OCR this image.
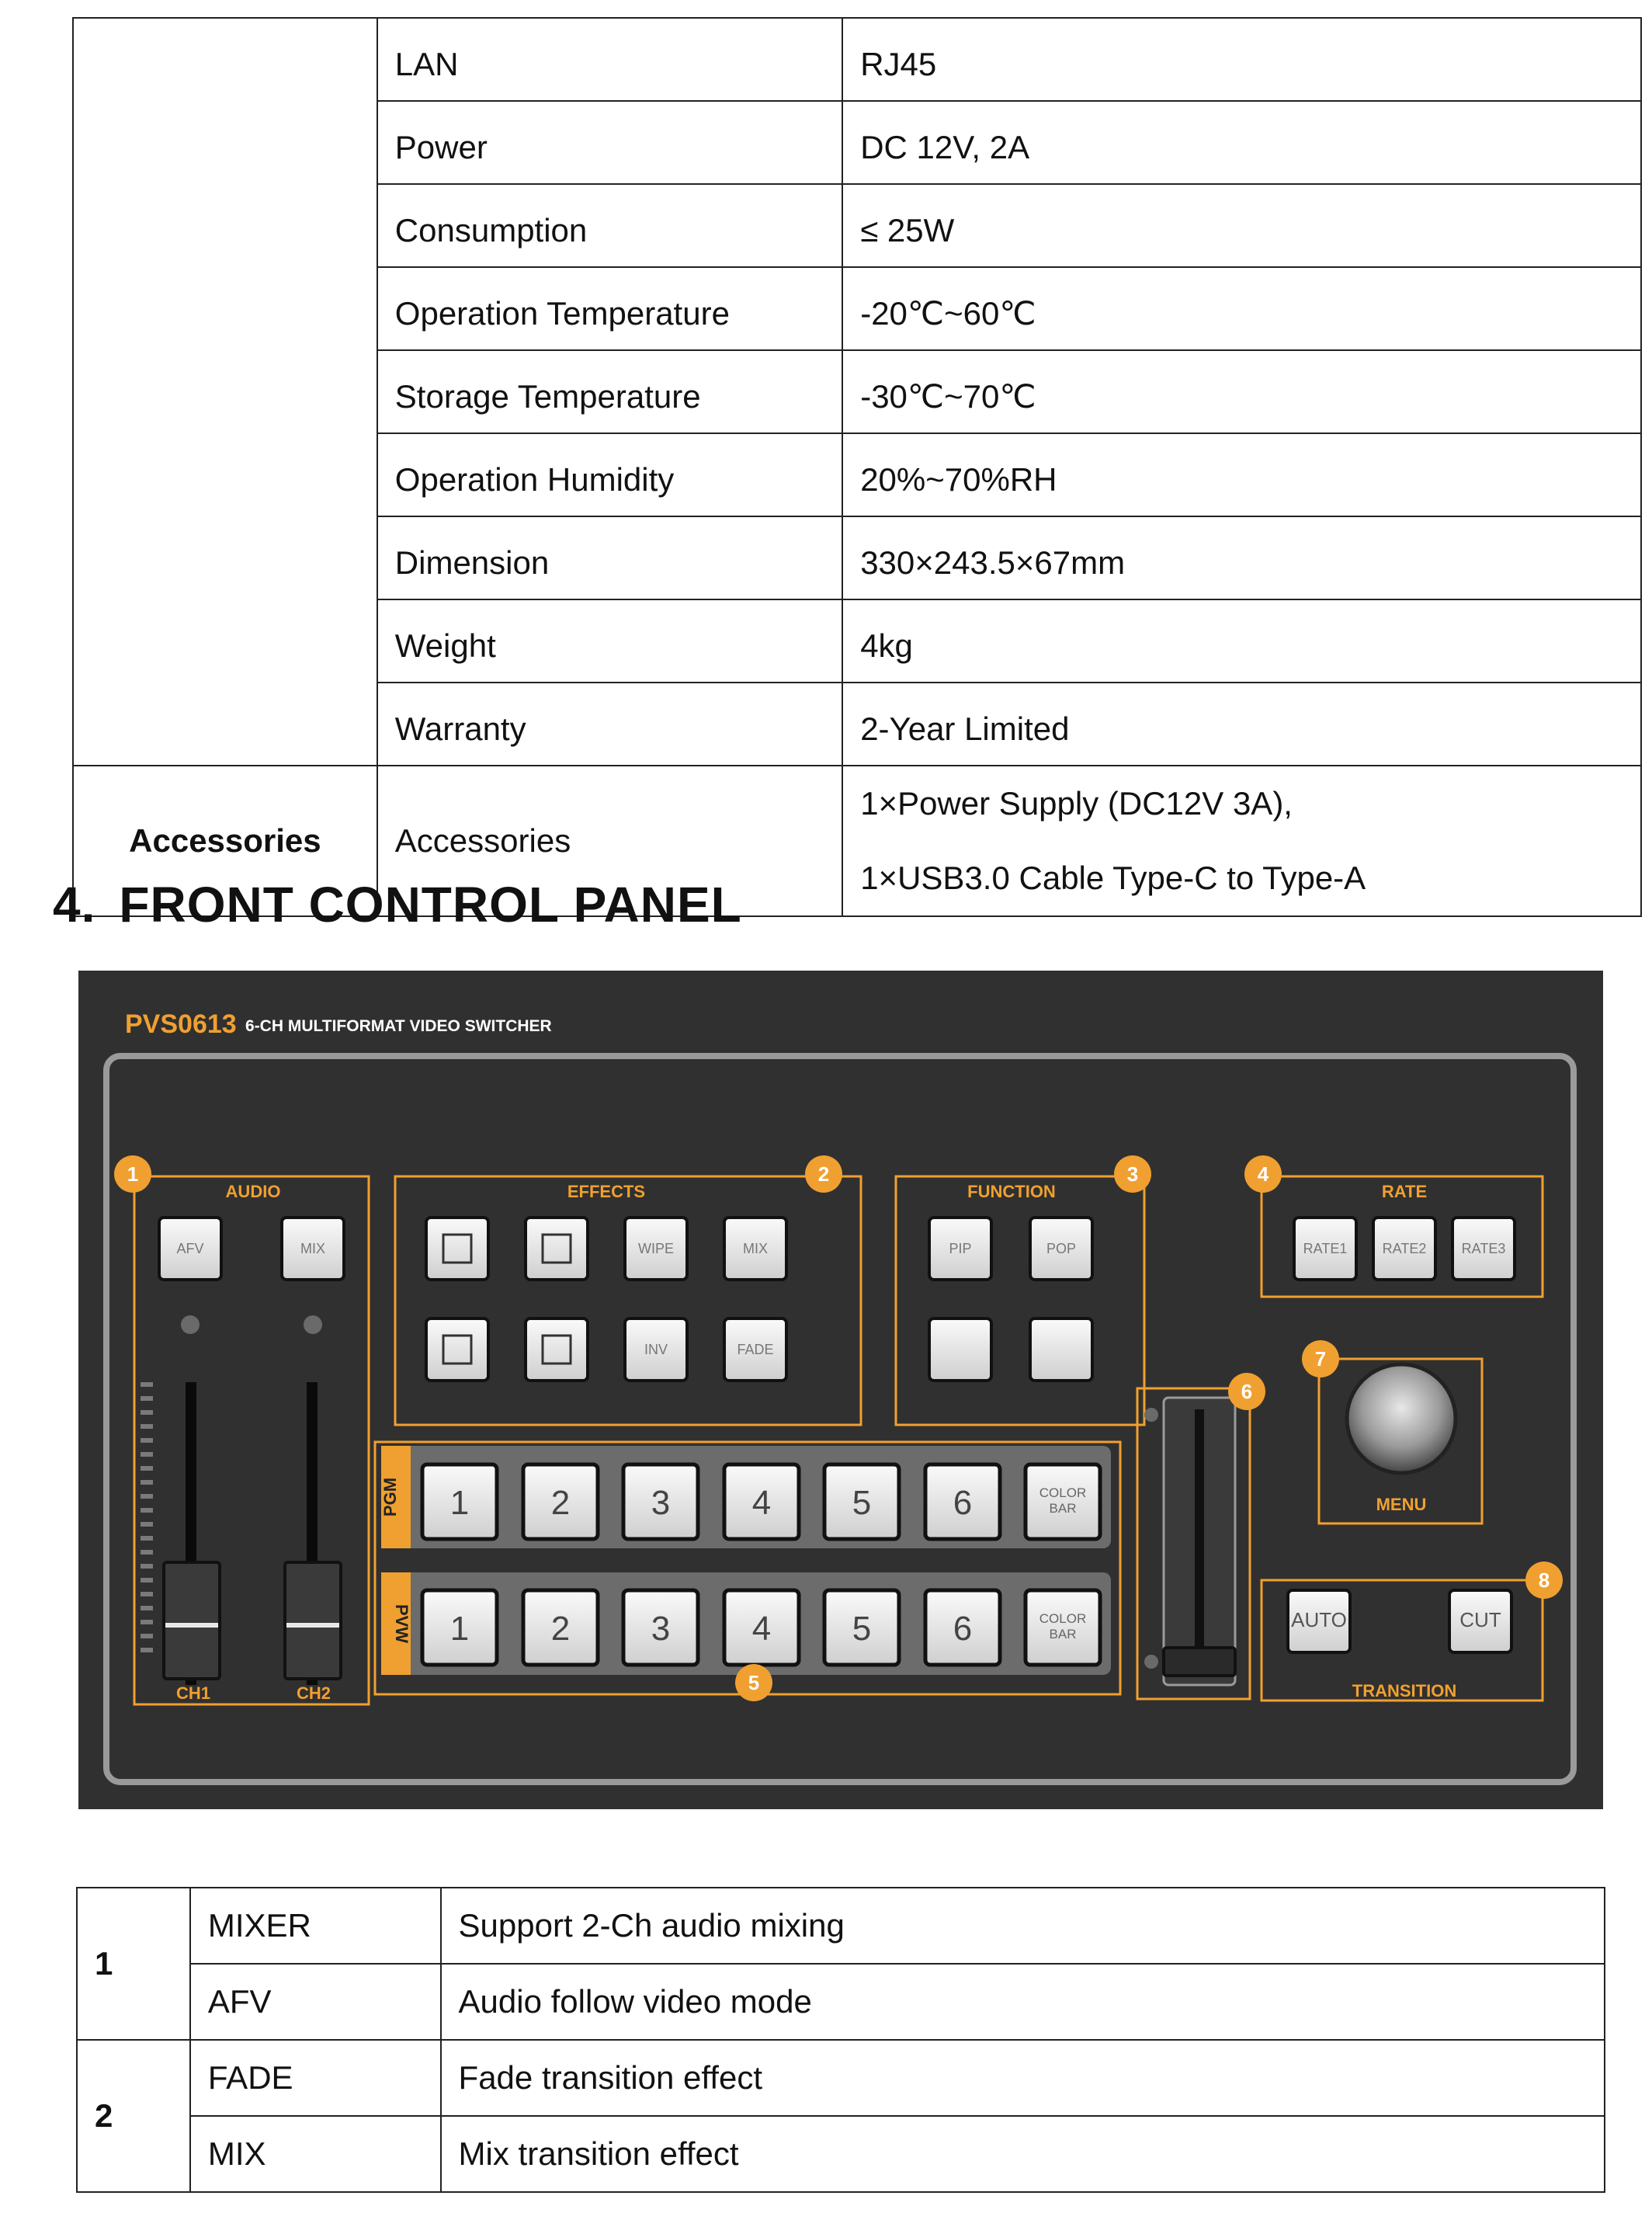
	LAN	RJ45
	Power	DC 12V, 2A
	Consumption	≤ 25W
	Operation Temperature	-20℃~60℃
	Storage Temperature	-30℃~70℃
	Operation Humidity	20%~70%RH
	Dimension	330×243.5×67mm
	Weight	4kg
	Warranty	2-Year Limited
Accessories	Accessories	1×Power Supply (DC12V 3A),
1×USB3.0 Cable Type-C to Type-A
4. FRONT CONTROL PANEL
PVS0613 6-CH MULTIFORMAT VIDEO SWITCHER
AUDIO
AFV	MIX
CH1	CH2
EFFECTS
WIPE	MIX
INV	FADE
FUNCTION
PIP	POP
RATE
RATE1	RATE2	RATE3
MENU
PGM 1 2 3 4 5 6	COLOR
BAR
PVW 1 2 3 4 5 6	COLOR
BAR
AUTO	CUT
TRANSITION
1	2	3	4
5
6
7
8
1	MIXER	Support 2-Ch audio mixing
	AFV	Audio follow video mode
2	FADE	Fade transition effect
	MIX	Mix transition effect
